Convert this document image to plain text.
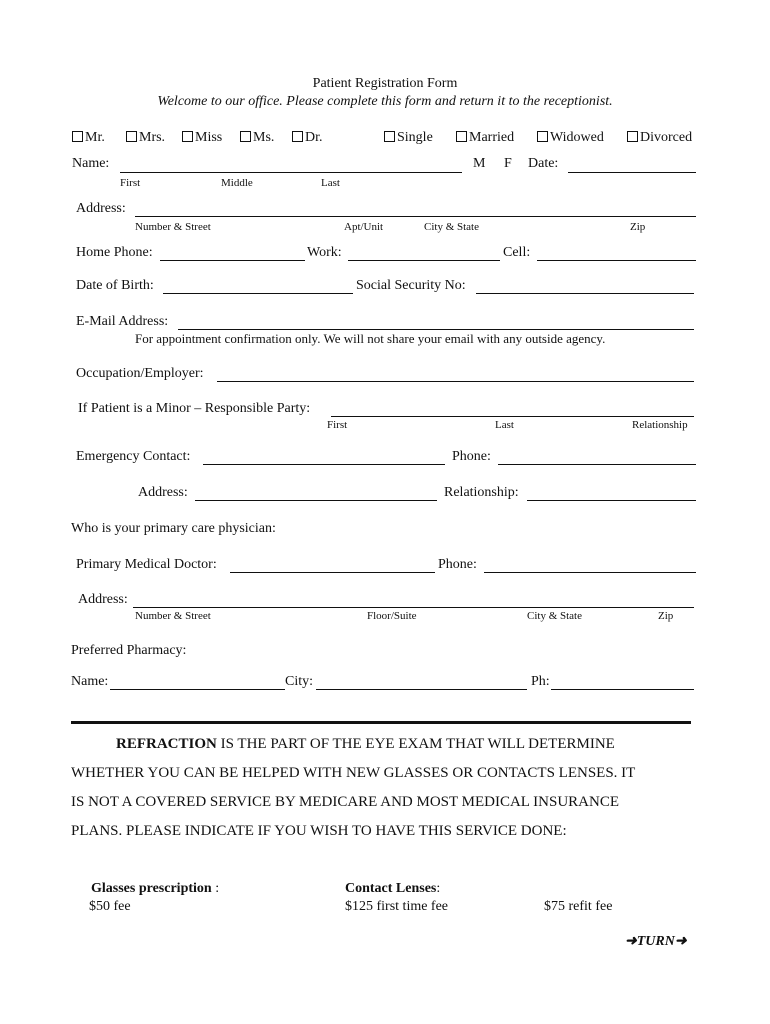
Patient Registration Form
Welcome to our office. Please complete this form and return it to the receptionist.
Mr.	Mrs.	Miss	Ms.	Dr.	Single	Married	Widowed	Divorced
Name:	M F Date:
First	Middle	Last
Address:
Number & Street	Apt/Unit	City & State	Zip
Home Phone:	Work:	Cell:
Date of Birth:	Social Security No:
E-Mail Address:
For appointment confirmation only. We will not share your email with any outside agency.
Occupation/Employer:
If Patient is a Minor – Responsible Party:
First	Last	Relationship
Emergency Contact:	Phone:
Address:	Relationship:
Who is your primary care physician:
Primary Medical Doctor:	Phone:
Address:
Number & Street	Floor/Suite	City & State	Zip
Preferred Pharmacy:
Name:	City:	Ph:
REFRACTION IS THE PART OF THE EYE EXAM THAT WILL DETERMINE
WHETHER YOU CAN BE HELPED WITH NEW GLASSES OR CONTACTS LENSES. IT
IS NOT A COVERED SERVICE BY MEDICARE AND MOST MEDICAL INSURANCE
PLANS. PLEASE INDICATE IF YOU WISH TO HAVE THIS SERVICE DONE:
Glasses prescription :
$50 fee
Contact Lenses:
$125 first time fee	$75 refit fee
➜TURN➜
